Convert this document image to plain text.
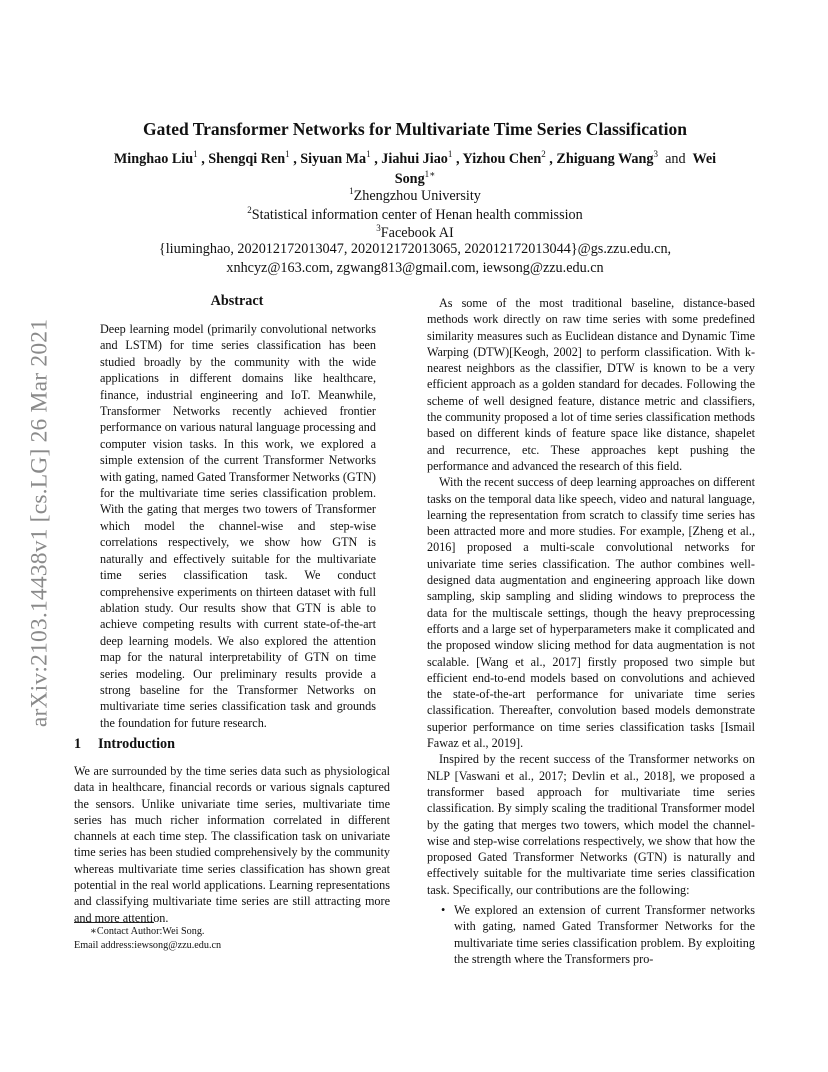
arXiv:2103.14438v1 [cs.LG] 26 Mar 2021
Gated Transformer Networks for Multivariate Time Series Classification
Minghao Liu$^1$ , Shengqi Ren$^1$ , Siyuan Ma$^1$ , Jiahui Jiao$^1$ , Yizhou Chen$^2$ , Zhiguang Wang$^3$ and Wei Song$^{1∗}$
$^1$Zhengzhou University
$^2$Statistical information center of Henan health commission
$^3$Facebook AI
{liuminghao, 202012172013047, 202012172013065, 202012172013044}@gs.zzu.edu.cn,
xnhcyz@163.com, zgwang813@gmail.com, iewsong@zzu.edu.cn
Abstract
Deep learning model (primarily convolutional networks and LSTM) for time series classification has been studied broadly by the community with the wide applications in different domains like healthcare, finance, industrial engineering and IoT. Meanwhile, Transformer Networks recently achieved frontier performance on various natural language processing and computer vision tasks. In this work, we explored a simple extension of the current Transformer Networks with gating, named Gated Transformer Networks (GTN) for the multivariate time series classification problem. With the gating that merges two towers of Transformer which model the channel-wise and step-wise correlations respectively, we show how GTN is naturally and effectively suitable for the multivariate time series classification task. We conduct comprehensive experiments on thirteen dataset with full ablation study. Our results show that GTN is able to achieve competing results with current state-of-the-art deep learning models. We also explored the attention map for the natural interpretability of GTN on time series modeling. Our preliminary results provide a strong baseline for the Transformer Networks on multivariate time series classification task and grounds the foundation for future research.
1 Introduction

We are surrounded by the time series data such as physiological data in healthcare, financial records or various signals captured the sensors. Unlike univariate time series, multivariate time series has much richer information correlated in different channels at each time step. The classification task on univariate time series has been studied comprehensively by the community whereas multivariate time series classification has shown great potential in the real world applications. Learning representations and classifying multivariate time series are still attracting more and more attention.

∗Contact Author:Wei Song.
Email address:iewsong@zzu.edu.cn

As some of the most traditional baseline, distance-based methods work directly on raw time series with some predefined similarity measures such as Euclidean distance and Dynamic Time Warping (DTW)[Keogh, 2002] to perform classification. With k-nearest neighbors as the classifier, DTW is known to be a very efficient approach as a golden standard for decades. Following the scheme of well designed feature, distance metric and classifiers, the community proposed a lot of time series classification methods based on different kinds of feature space like distance, shapelet and recurrence, etc. These approaches kept pushing the performance and advanced the research of this field.

With the recent success of deep learning approaches on different tasks on the temporal data like speech, video and natural language, learning the representation from scratch to classify time series has been attracted more and more studies. For example, [Zheng et al., 2016] proposed a multi-scale convolutional networks for univariate time series classification. The author combines well-designed data augmentation and engineering approach like down sampling, skip sampling and sliding windows to preprocess the data for the multiscale settings, though the heavy preprocessing efforts and a large set of hyperparameters make it complicated and the proposed window slicing method for data augmentation is not scalable. [Wang et al., 2017] firstly proposed two simple but efficient end-to-end models based on convolutions and achieved the state-of-the-art performance for univariate time series classification. Thereafter, convolution based models demonstrate superior performance on time series classification tasks [Ismail Fawaz et al., 2019].

Inspired by the recent success of the Transformer networks on NLP [Vaswani et al., 2017; Devlin et al., 2018], we proposed a transformer based approach for multivariate time series classification. By simply scaling the traditional Transformer model by the gating that merges two towers, which model the channel-wise and step-wise correlations respectively, we show that how the proposed Gated Transformer Networks (GTN) is naturally and effectively suitable for the multivariate time series classification task. Specifically, our contributions are the following:

• We explored an extension of current Transformer networks with gating, named Gated Transformer Networks for the multivariate time series classification problem. By exploiting the strength where the Transformers pro-
